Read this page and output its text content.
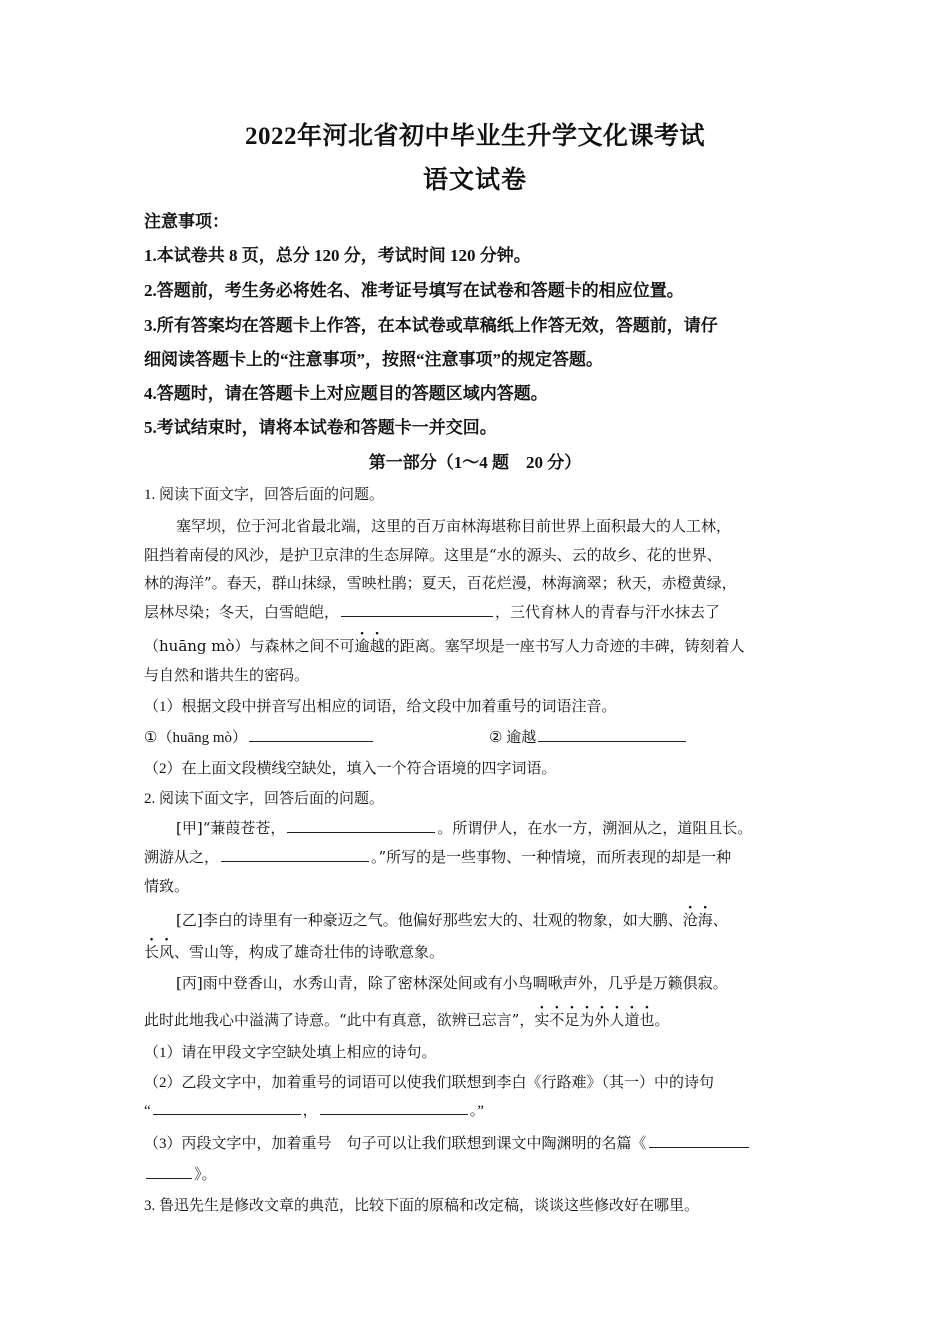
2022年河北省初中毕业生升学文化课考试
语文试卷
注意事项：
1.本试卷共 8 页，总分 120 分，考试时间 120 分钟。
2.答题前，考生务必将姓名、准考证号填写在试卷和答题卡的相应位置。
3.所有答案均在答题卡上作答，在本试卷或草稿纸上作答无效，答题前，请仔
细阅读答题卡上的“注意事项”，按照“注意事项”的规定答题。
4.答题时，请在答题卡上对应题目的答题区域内答题。
5.考试结束时，请将本试卷和答题卡一并交回。
第一部分（1～4 题　20 分）
1. 阅读下面文字，回答后面的问题。
塞罕坝，位于河北省最北端，这里的百万亩林海堪称目前世界上面积最大的人工林，
阻挡着南侵的风沙，是护卫京津的生态屏障。这里是“水的源头、云的故乡、花的世界、
林的海洋”。春天，群山抹绿，雪映杜鹃；夏天，百花烂漫，林海滴翠；秋天，赤橙黄绿，
层林尽染；冬天，白雪皑皑，	，三代育林人的青春与汗水抹去了
（huāng mò）与森林之间不可逾越的距离。塞罕坝是一座书写人力奇迹的丰碑，铸刻着人
与自然和谐共生的密码。
（1）根据文段中拼音写出相应的词语，给文段中加着重号的词语注音。
①（huāng mò）	② 逾越
（2）在上面文段横线空缺处，填入一个符合语境的四字词语。
2. 阅读下面文字，回答后面的问题。
[甲]“蒹葭苍苍，	。所谓伊人，在水一方，溯洄从之，道阻且长。
溯游从之，	。”所写的是一些事物、一种情境，而所表现的却是一种
情致。
[乙]李白的诗里有一种豪迈之气。他偏好那些宏大的、壮观的物象，如大鹏、沧海、
长风、雪山等，构成了雄奇壮伟的诗歌意象。
[丙]雨中登香山，水秀山青，除了密林深处间或有小鸟啁啾声外，几乎是万籁俱寂。
此时此地我心中溢满了诗意。“此中有真意，欲辨已忘言”，实不足为外人道也。
（1）请在甲段文字空缺处填上相应的诗句。
（2）乙段文字中，加着重号的词语可以使我们联想到李白《行路难》（其一）中的诗句
“	，	。”
（3）丙段文字中，加着重号　句子可以让我们联想到课文中陶渊明的名篇《
》。
3. 鲁迅先生是修改文章的典范，比较下面的原稿和改定稿，谈谈这些修改好在哪里。
